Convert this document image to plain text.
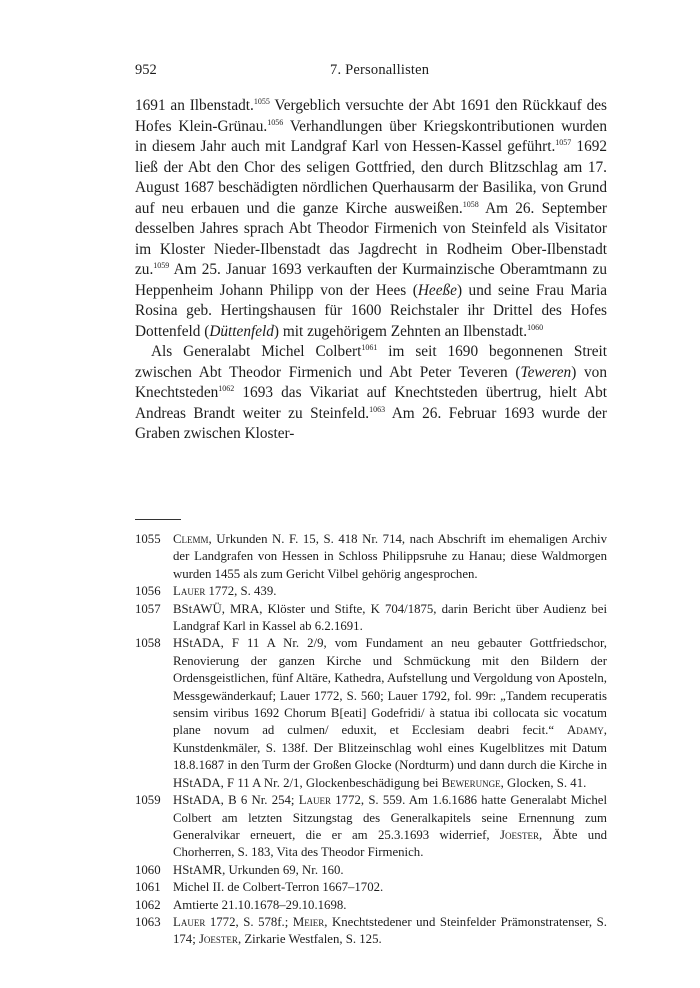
952	7. Personallisten

1691 an Ilbenstadt.$^{1055}$ Vergeblich versuchte der Abt 1691 den Rückkauf des Hofes Klein-Grünau.$^{1056}$ Verhandlungen über Kriegskontributionen wurden in diesem Jahr auch mit Landgraf Karl von Hessen-Kassel geführt.$^{1057}$ 1692 ließ der Abt den Chor des seligen Gottfried, den durch Blitzschlag am 17. August 1687 beschädigten nördlichen Querhausarm der Basilika, von Grund auf neu erbauen und die ganze Kirche ausweißen.$^{1058}$ Am 26. September desselben Jahres sprach Abt Theodor Firmenich von Steinfeld als Visitator im Kloster Nieder-Ilbenstadt das Jagdrecht in Rodheim Ober-Ilbenstadt zu.$^{1059}$ Am 25. Januar 1693 verkauften der Kurmainzische Oberamtmann zu Heppenheim Johann Philipp von der Hees (Heeße) und seine Frau Maria Rosina geb. Hertingshausen für 1600 Reichstaler ihr Drittel des Hofes Dottenfeld (Düttenfeld) mit zugehörigem Zehnten an Ilbenstadt.$^{1060}$

Als Generalabt Michel Colbert$^{1061}$ im seit 1690 begonnenen Streit zwischen Abt Theodor Firmenich und Abt Peter Teveren (Tewеren) von Knechtsteden$^{1062}$ 1693 das Vikariat auf Knechtsteden übertrug, hielt Abt Andreas Brandt weiter zu Steinfeld.$^{1063}$ Am 26. Februar 1693 wurde der Graben zwischen Kloster-

1055 Clemm, Urkunden N. F. 15, S. 418 Nr. 714, nach Abschrift im ehemaligen Archiv der Landgrafen von Hessen in Schloss Philippsruhe zu Hanau; diese Waldmorgen wurden 1455 als zum Gericht Vilbel gehörig angesprochen.
1056 Lauer 1772, S. 439.
1057 BStAWÜ, MRA, Klöster und Stifte, K 704/1875, darin Bericht über Audienz bei Landgraf Karl in Kassel ab 6.2.1691.
1058 HStADA, F 11 A Nr. 2/9, vom Fundament an neu gebauter Gottfriedschor, Renovierung der ganzen Kirche und Schmückung mit den Bildern der Ordensgeistlichen, fünf Altäre, Kathedra, Aufstellung und Vergoldung von Aposteln, Messgewänderkauf; Lauer 1772, S. 560; Lauer 1792, fol. 99r: „Tandem recuperatis sensim viribus 1692 Chorum B[eati] Godefridi/ à statua ibi collocata sic vocatum plane novum ad culmen/ eduxit, et Ecclesiam deabri fecit.“ Adamy, Kunstdenkmäler, S. 138f. Der Blitzeinschlag wohl eines Kugelblitzes mit Datum 18.8.1687 in den Turm der Großen Glocke (Nordturm) und dann durch die Kirche in HStADA, F 11 A Nr. 2/1, Glockenbeschädigung bei Bewerunge, Glocken, S. 41.
1059 HStADA, B 6 Nr. 254; Lauer 1772, S. 559. Am 1.6.1686 hatte Generalabt Michel Colbert am letzten Sitzungstag des Generalkapitels seine Ernennung zum Generalvikar erneuert, die er am 25.3.1693 widerrief, Joester, Äbte und Chorherren, S. 183, Vita des Theodor Firmenich.
1060 HStAMR, Urkunden 69, Nr. 160.
1061 Michel II. de Colbert-Terron 1667–1702.
1062 Amtierte 21.10.1678–29.10.1698.
1063 Lauer 1772, S. 578f.; Meier, Knechtstedener und Steinfelder Prämonstratenser, S. 174; Joester, Zirkarie Westfalen, S. 125.
